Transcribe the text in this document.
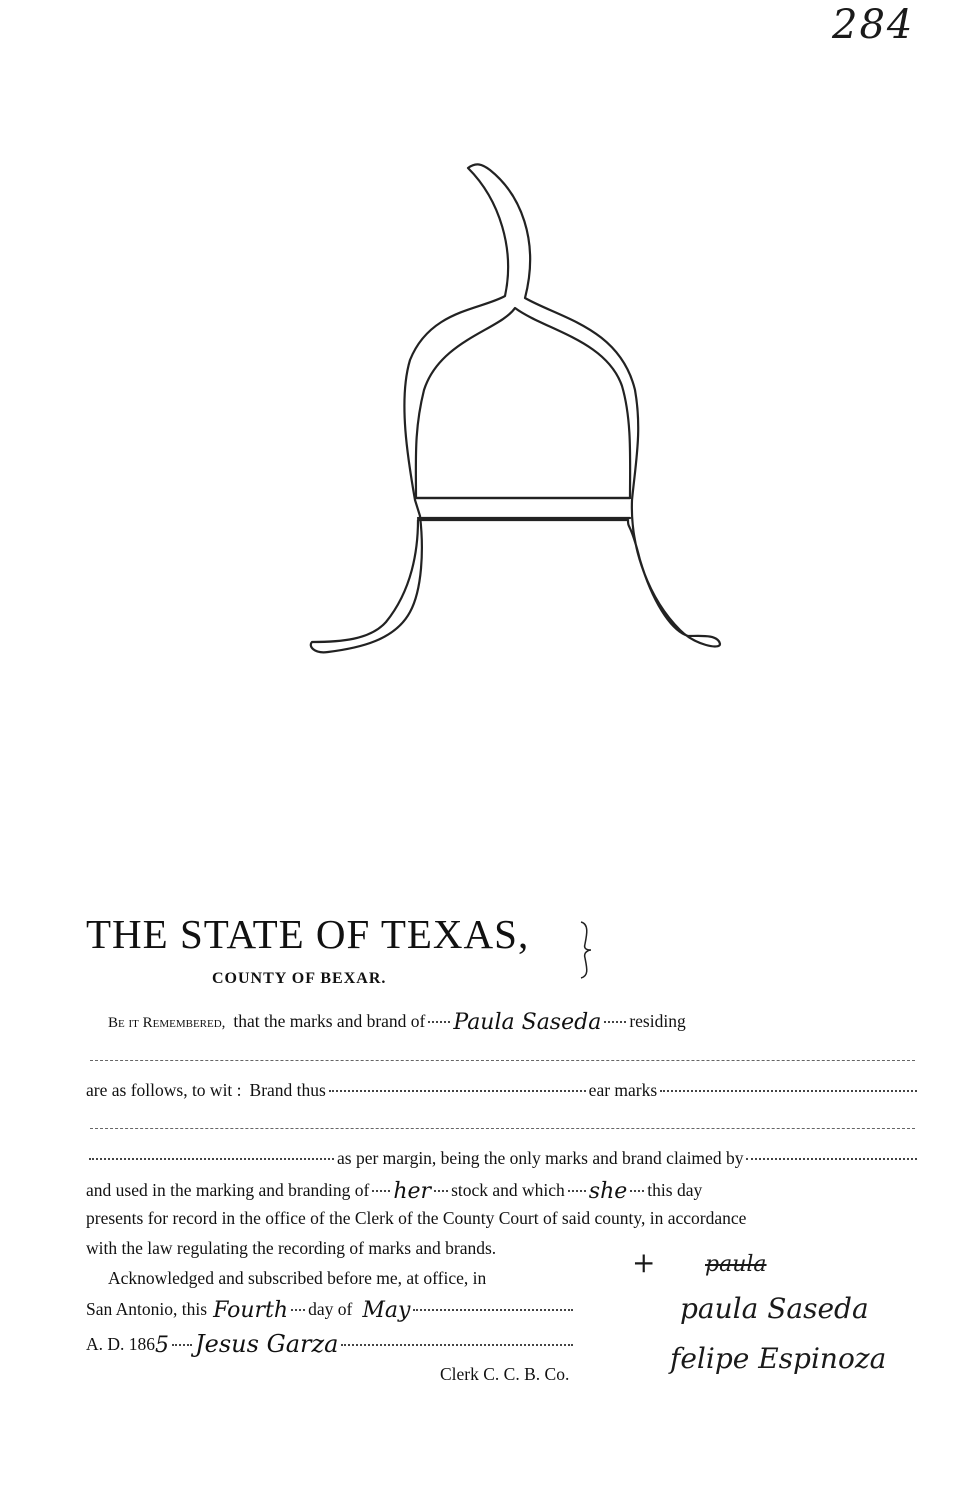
284
THE STATE OF TEXAS,
COUNTY OF BEXAR.
Be it Remembered, that the marks and brand of Paula Saseda residing
are as follows, to wit : Brand thus	ear marks
as per margin, being the only marks and brand claimed by
and used in the marking and branding of her stock and which she this day
presents for record in the office of the Clerk of the County Court of said county, in accordance
with the law regulating the recording of marks and brands.
Acknowledged and subscribed before me, at office, in
San Antonio, this Fourth day of May
A. D. 186 5 Jesus Garza
Clerk C. C. B. Co.
+ paula
paula Saseda
felipe Espinoza
